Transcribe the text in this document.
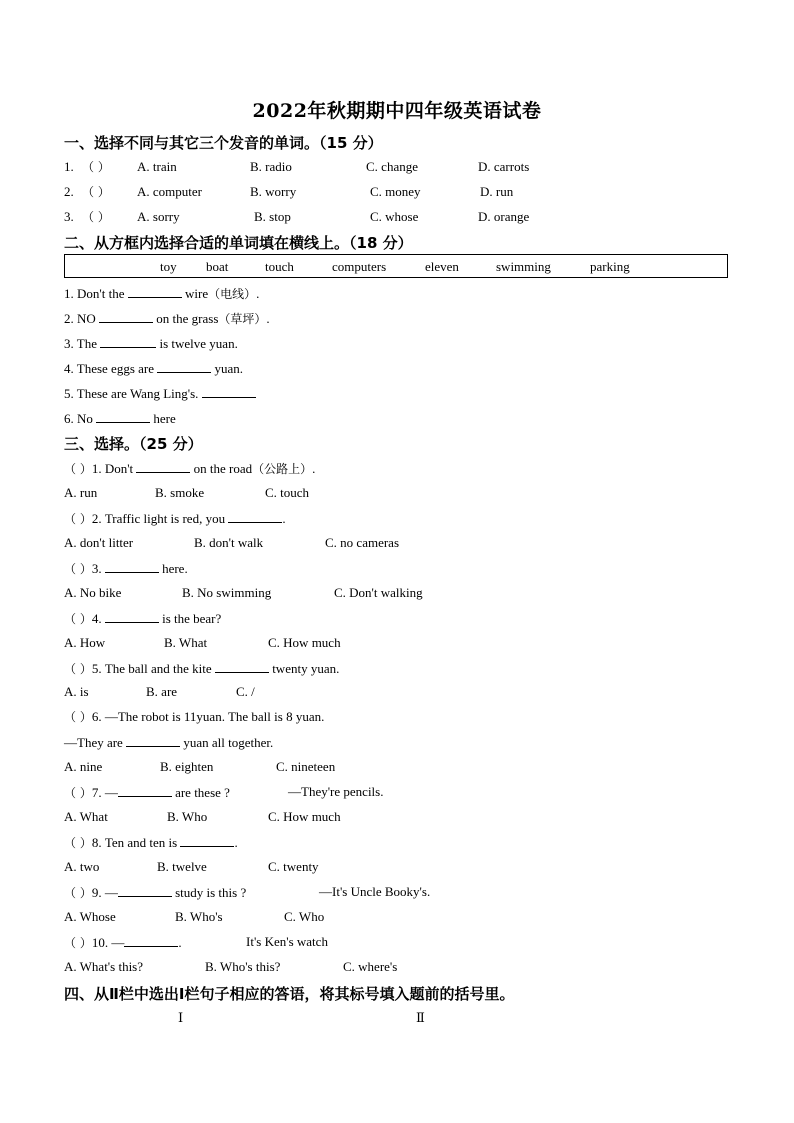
2022年秋期期中四年级英语试卷
一、选择不同与其它三个发音的单词。（15 分）
1. （ ） A. train	B. radio	C. change	D. carrots
2. （ ） A. computer	B. worry	C. money	D. run
3. （ ） A. sorry	B. stop	C. whose	D. orange
二、从方框内选择合适的单词填在横线上。（18 分）
toy boat	touch	computers	eleven	swimming	parking
1. Don't the	wire（电线）.
2. NO	on the grass（草坪）.
3. The	is twelve yuan.
4. These eggs are	yuan.
5. These are Wang Ling's.
6. No	here
三、选择。（25 分）
（ ）1. Don't	on the road（公路上）.
A. run	B. smoke	C. touch
（ ）2. Traffic light is red, you	.
A. don't litter	B. don't walk	C. no cameras
（ ）3.	here.
A. No bike	B. No swimming	C. Don't walking
（ ）4.	is the bear?
A. How	B. What	C. How much
（ ）5. The ball and the kite	twenty yuan.
A. is	B. are	C. /
（ ）6. —The robot is 11yuan. The ball is 8 yuan.
—They are	yuan all together.
A. nine	B. eighten	C. nineteen
（ ）7. —	are these ?	—They're pencils.
A. What	B. Who	C. How much
（ ）8. Ten and ten is	.
A. two	B. twelve	C. twenty
（ ）9. —	study is this ?	—It's Uncle Booky's.
A. Whose	B. Who's	C. Who
（ ）10. —	.	It's Ken's watch
A. What's this?	B. Who's this?	C. where's
四、从Ⅱ栏中选出Ⅰ栏句子相应的答语，将其标号填入题前的括号里。
Ⅰ	Ⅱ
